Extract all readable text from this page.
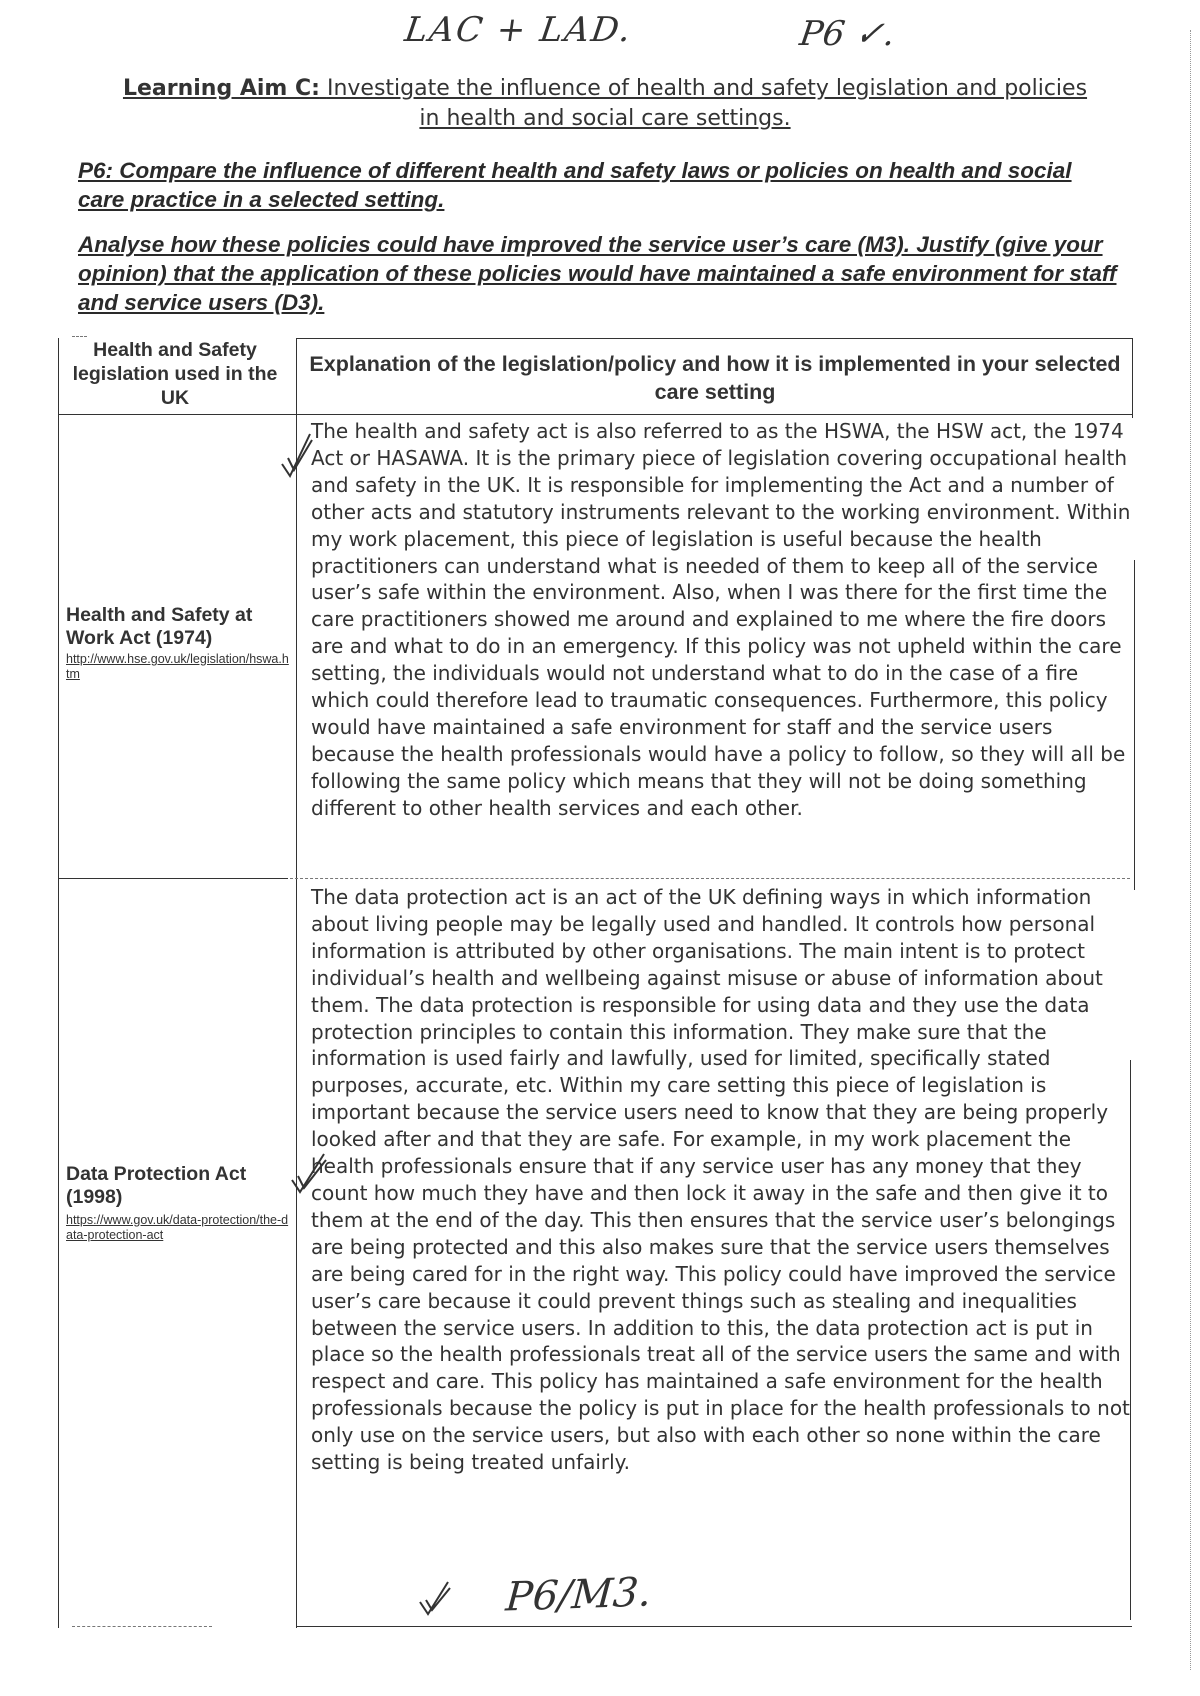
LAC + LAD.	P6 ✓.
Learning Aim C: Investigate the influence of health and safety legislation and policies in health and social care settings.
P6: Compare the influence of different health and safety laws or policies on health and social care practice in a selected setting.
Analyse how these policies could have improved the service user’s care (M3). Justify (give your opinion) that the application of these policies would have maintained a safe environment for staff and service users (D3).
Health and Safety legislation used in the UK
Explanation of the legislation/policy and how it is implemented in your selected care setting
Health and Safety at Work Act (1974)
http://www.hse.gov.uk/legislation/hswa.htm
The health and safety act is also referred to as the HSWA, the HSW act, the 1974 Act or HASAWA. It is the primary piece of legislation covering occupational health and safety in the UK. It is responsible for implementing the Act and a number of other acts and statutory instruments relevant to the working environment. Within my work placement, this piece of legislation is useful because the health practitioners can understand what is needed of them to keep all of the service user’s safe within the environment. Also, when I was there for the first time the care practitioners showed me around and explained to me where the fire doors are and what to do in an emergency. If this policy was not upheld within the care setting, the individuals would not understand what to do in the case of a fire which could therefore lead to traumatic consequences. Furthermore, this policy would have maintained a safe environment for staff and the service users because the health professionals would have a policy to follow, so they will all be following the same policy which means that they will not be doing something different to other health services and each other.
Data Protection Act (1998)
https://www.gov.uk/data-protection/the-data-protection-act
The data protection act is an act of the UK defining ways in which information about living people may be legally used and handled. It controls how personal information is attributed by other organisations. The main intent is to protect individual’s health and wellbeing against misuse or abuse of information about them. The data protection is responsible for using data and they use the data protection principles to contain this information. They make sure that the information is used fairly and lawfully, used for limited, specifically stated purposes, accurate, etc. Within my care setting this piece of legislation is important because the service users need to know that they are being properly looked after and that they are safe. For example, in my work placement the health professionals ensure that if any service user has any money that they count how much they have and then lock it away in the safe and then give it to them at the end of the day. This then ensures that the service user’s belongings are being protected and this also makes sure that the service users themselves are being cared for in the right way. This policy could have improved the service user’s care because it could prevent things such as stealing and inequalities between the service users. In addition to this, the data protection act is put in place so the health professionals treat all of the service users the same and with respect and care. This policy has maintained a safe environment for the health professionals because the policy is put in place for the health professionals to not only use on the service users, but also with each other so none within the care setting is being treated unfairly.
P6/M3.
